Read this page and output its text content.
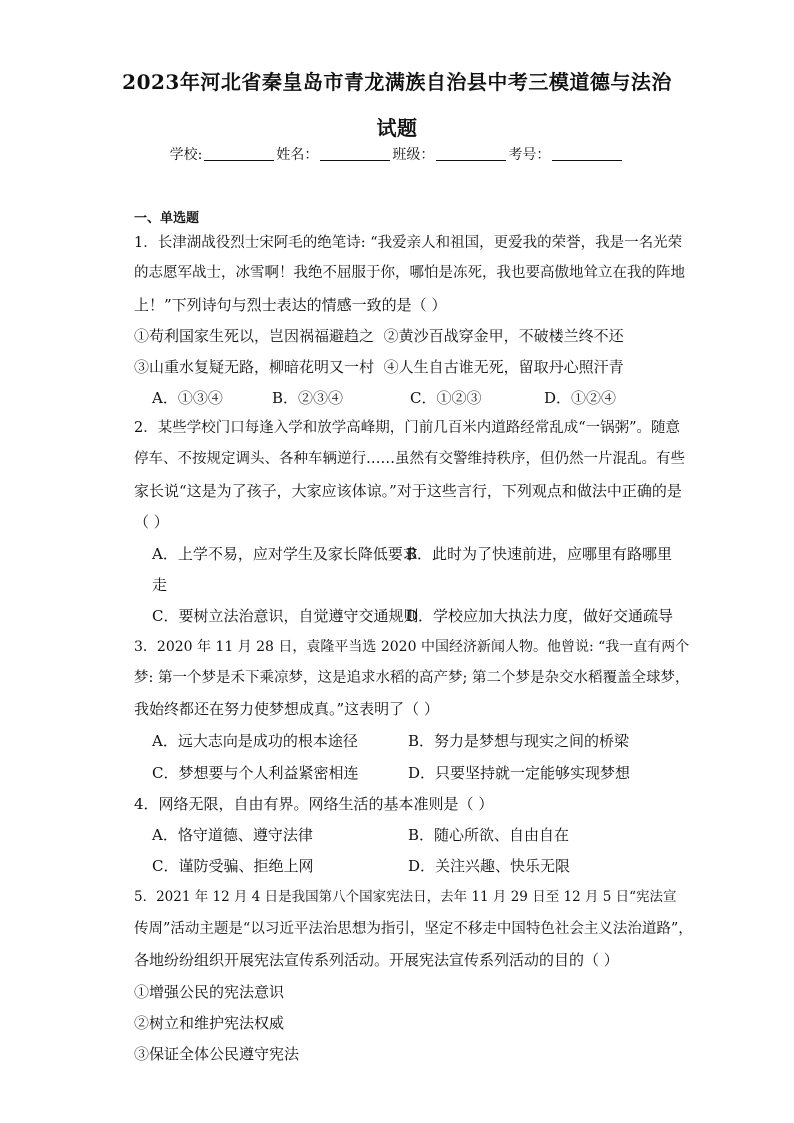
2023年河北省秦皇岛市青龙满族自治县中考三模道德与法治
试题
学校:	姓名：	班级：	考号：
一、单选题
1．长津湖战役烈士宋阿毛的绝笔诗: “我爱亲人和祖国，更爱我的荣誉，我是一名光荣
的志愿军战士，冰雪啊！我绝不屈服于你，哪怕是冻死，我也要高傲地耸立在我的阵地
上！”下列诗句与烈士表达的情感一致的是（ ）
①苟利国家生死以，岂因祸福避趋之 ②黄沙百战穿金甲，不破楼兰终不还
③山重水复疑无路，柳暗花明又一村 ④人生自古谁无死，留取丹心照汗青
A．①③④	B．②③④	C．①②③	D．①②④
2．某些学校门口每逢入学和放学高峰期，门前几百米内道路经常乱成“一锅粥”。随意
停车、不按规定调头、各种车辆逆行……虽然有交警维持秩序，但仍然一片混乱。有些
家长说“这是为了孩子，大家应该体谅。”对于这些言行，下列观点和做法中正确的是
（ ）
A．上学不易，应对学生及家长降低要求
B．此时为了快速前进，应哪里有路哪里
走
C．要树立法治意识，自觉遵守交通规则
D．学校应加大执法力度，做好交通疏导
3．2020 年 11 月 28 日，袁隆平当选 2020 中国经济新闻人物。他曾说: “我一直有两个
梦: 第一个梦是禾下乘凉梦，这是追求水稻的高产梦; 第二个梦是杂交水稻覆盖全球梦，
我始终都还在努力使梦想成真。”这表明了（ ）
A．远大志向是成功的根本途径	B．努力是梦想与现实之间的桥梁
C．梦想要与个人利益紧密相连	D．只要坚持就一定能够实现梦想
4．网络无限，自由有界。网络生活的基本准则是（ ）
A．恪守道德、遵守法律	B．随心所欲、自由自在
C．谨防受骗、拒绝上网	D．关注兴趣、快乐无限
5．2021 年 12 月 4 日是我国第八个国家宪法日，去年 11 月 29 日至 12 月 5 日“宪法宣
传周”活动主题是“以习近平法治思想为指引，坚定不移走中国特色社会主义法治道路”，
各地纷纷组织开展宪法宣传系列活动。开展宪法宣传系列活动的目的（ ）
①增强公民的宪法意识
②树立和维护宪法权威
③保证全体公民遵守宪法
